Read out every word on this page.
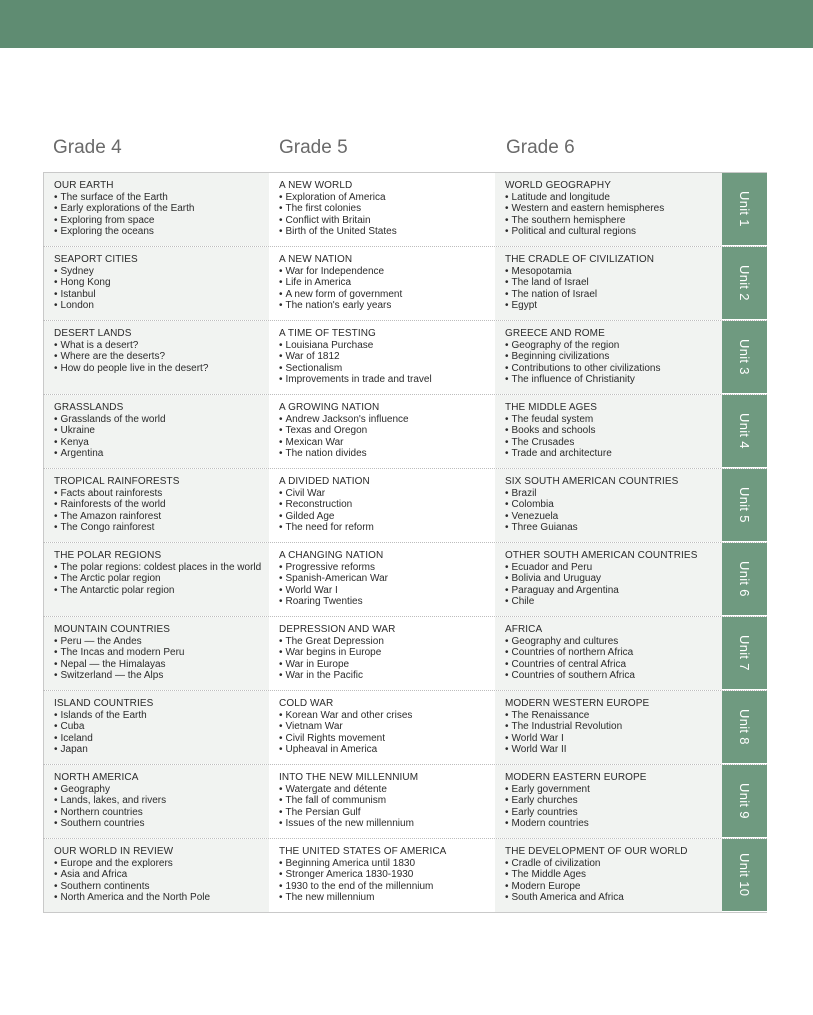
Grade 4	Grade 5	Grade 6
OUR EARTH
• The surface of the Earth
• Early explorations of the Earth
• Exploring from space
• Exploring the oceans
A NEW WORLD
• Exploration of America
• The first colonies
• Conflict with Britain
• Birth of the United States
WORLD GEOGRAPHY
• Latitude and longitude
• Western and eastern hemispheres
• The southern hemisphere
• Political and cultural regions
Unit 1
SEAPORT CITIES
• Sydney
• Hong Kong
• Istanbul
• London
A NEW NATION
• War for Independence
• Life in America
• A new form of government
• The nation's early years
THE CRADLE OF CIVILIZATION
• Mesopotamia
• The land of Israel
• The nation of Israel
• Egypt
Unit 2
DESERT LANDS
• What is a desert?
• Where are the deserts?
• How do people live in the desert?
A TIME OF TESTING
• Louisiana Purchase
• War of 1812
• Sectionalism
• Improvements in trade and travel
GREECE AND ROME
• Geography of the region
• Beginning civilizations
• Contributions to other civilizations
• The influence of Christianity
Unit 3
GRASSLANDS
• Grasslands of the world
• Ukraine
• Kenya
• Argentina
A GROWING NATION
• Andrew Jackson's influence
• Texas and Oregon
• Mexican War
• The nation divides
THE MIDDLE AGES
• The feudal system
• Books and schools
• The Crusades
• Trade and architecture
Unit 4
TROPICAL RAINFORESTS
• Facts about rainforests
• Rainforests of the world
• The Amazon rainforest
• The Congo rainforest
A DIVIDED NATION
• Civil War
• Reconstruction
• Gilded Age
• The need for reform
SIX SOUTH AMERICAN COUNTRIES
• Brazil
• Colombia
• Venezuela
• Three Guianas
Unit 5
THE POLAR REGIONS
• The polar regions: coldest places in the world
• The Arctic polar region
• The Antarctic polar region
A CHANGING NATION
• Progressive reforms
• Spanish-American War
• World War I
• Roaring Twenties
OTHER SOUTH AMERICAN COUNTRIES
• Ecuador and Peru
• Bolivia and Uruguay
• Paraguay and Argentina
• Chile
Unit 6
MOUNTAIN COUNTRIES
• Peru — the Andes
• The Incas and modern Peru
• Nepal — the Himalayas
• Switzerland — the Alps
DEPRESSION AND WAR
• The Great Depression
• War begins in Europe
• War in Europe
• War in the Pacific
AFRICA
• Geography and cultures
• Countries of northern Africa
• Countries of central Africa
• Countries of southern Africa
Unit 7
ISLAND COUNTRIES
• Islands of the Earth
• Cuba
• Iceland
• Japan
COLD WAR
• Korean War and other crises
• Vietnam War
• Civil Rights movement
• Upheaval in America
MODERN WESTERN EUROPE
• The Renaissance
• The Industrial Revolution
• World War I
• World War II
Unit 8
NORTH AMERICA
• Geography
• Lands, lakes, and rivers
• Northern countries
• Southern countries
INTO THE NEW MILLENNIUM
• Watergate and détente
• The fall of communism
• The Persian Gulf
• Issues of the new millennium
MODERN EASTERN EUROPE
• Early government
• Early churches
• Early countries
• Modern countries
Unit 9
OUR WORLD IN REVIEW
• Europe and the explorers
• Asia and Africa
• Southern continents
• North America and the North Pole
THE UNITED STATES OF AMERICA
• Beginning America until 1830
• Stronger America 1830-1930
• 1930 to the end of the millennium
• The new millennium
THE DEVELOPMENT OF OUR WORLD
• Cradle of civilization
• The Middle Ages
• Modern Europe
• South America and Africa
Unit 10
